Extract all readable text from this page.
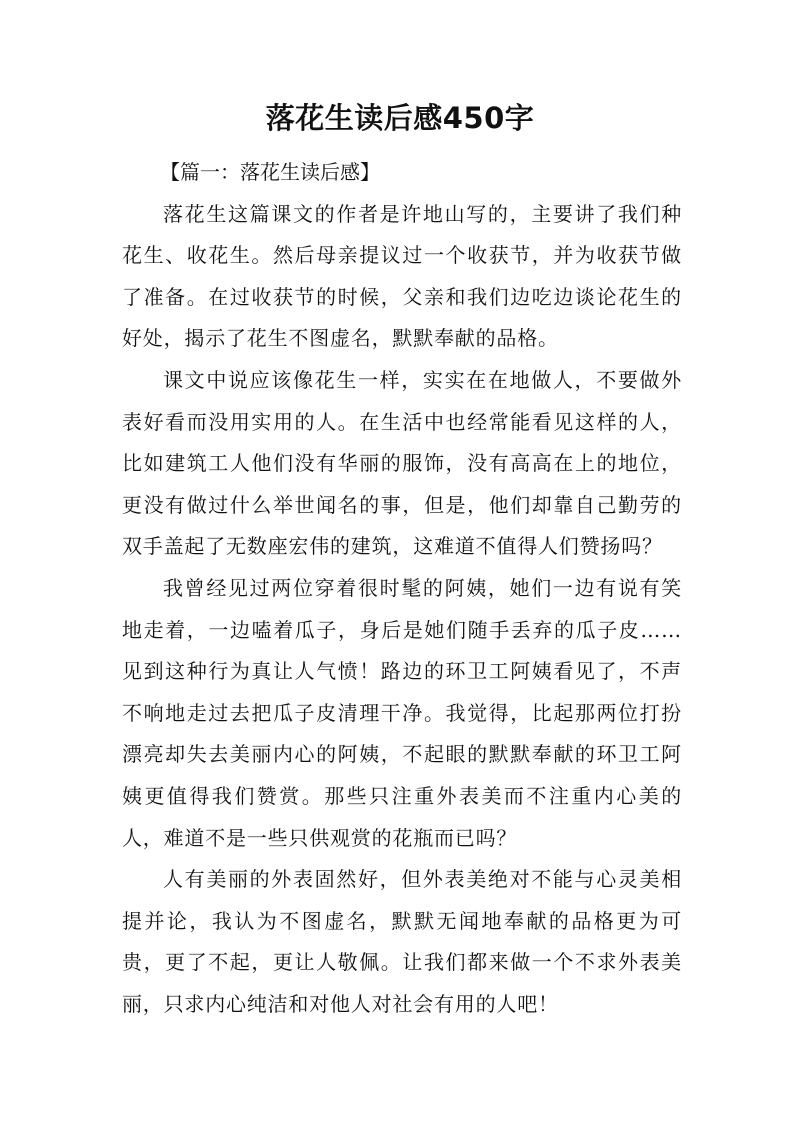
落花生读后感450字

【篇一：落花生读后感】

落花生这篇课文的作者是许地山写的，主要讲了我们种花生、收花生。然后母亲提议过一个收获节，并为收获节做了准备。在过收获节的时候，父亲和我们边吃边谈论花生的好处，揭示了花生不图虚名，默默奉献的品格。

课文中说应该像花生一样，实实在在地做人，不要做外表好看而没用实用的人。在生活中也经常能看见这样的人，比如建筑工人他们没有华丽的服饰，没有高高在上的地位，更没有做过什么举世闻名的事，但是，他们却靠自己勤劳的双手盖起了无数座宏伟的建筑，这难道不值得人们赞扬吗？

我曾经见过两位穿着很时髦的阿姨，她们一边有说有笑地走着，一边嗑着瓜子，身后是她们随手丢弃的瓜子皮……见到这种行为真让人气愤！路边的环卫工阿姨看见了，不声不响地走过去把瓜子皮清理干净。我觉得，比起那两位打扮漂亮却失去美丽内心的阿姨，不起眼的默默奉献的环卫工阿姨更值得我们赞赏。那些只注重外表美而不注重内心美的人，难道不是一些只供观赏的花瓶而已吗？

人有美丽的外表固然好，但外表美绝对不能与心灵美相提并论，我认为不图虚名，默默无闻地奉献的品格更为可贵，更了不起，更让人敬佩。让我们都来做一个不求外表美丽，只求内心纯洁和对他人对社会有用的人吧！
